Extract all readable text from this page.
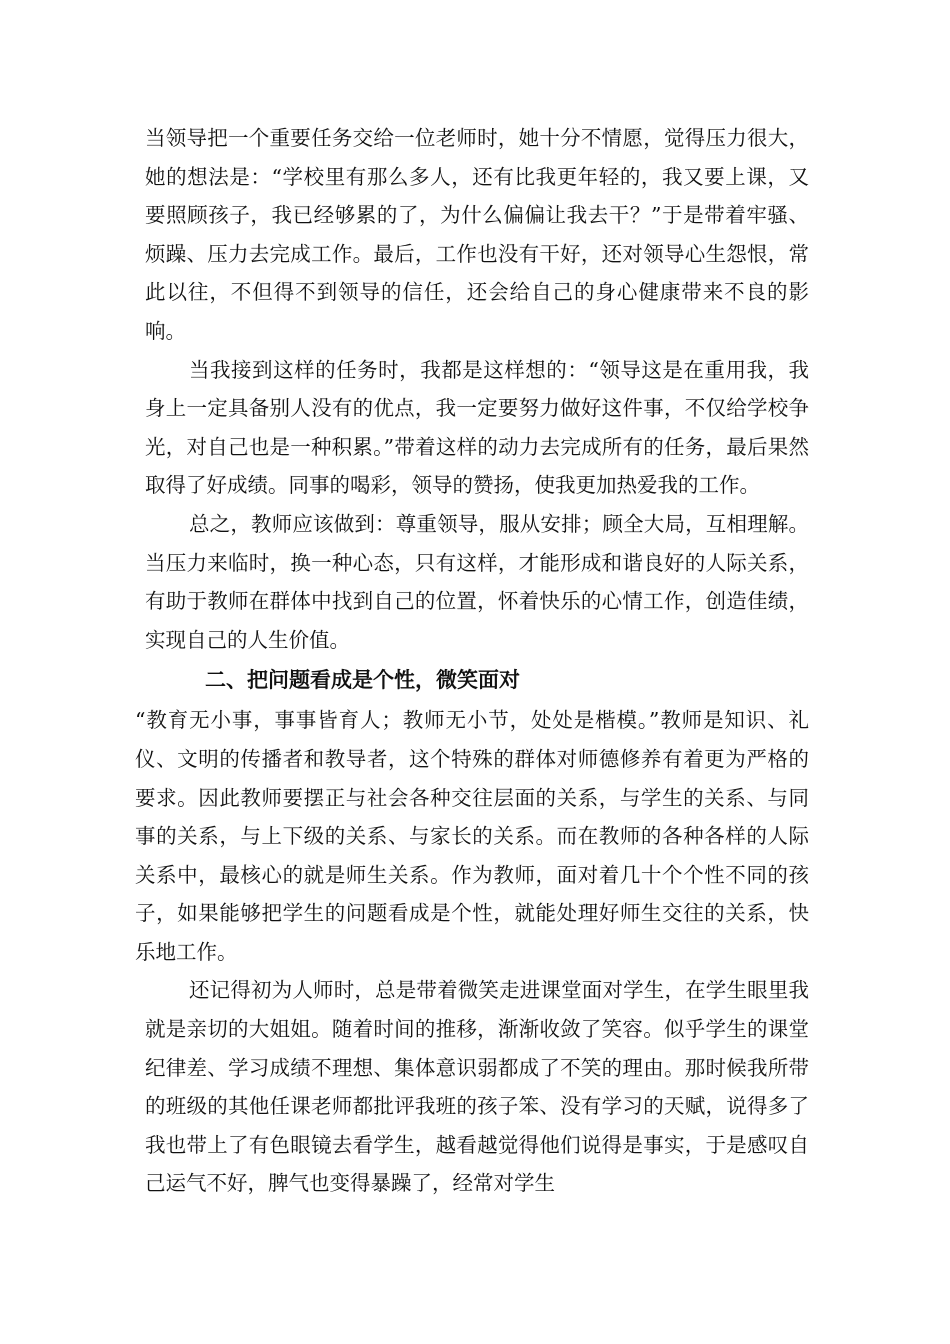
当领导把一个重要任务交给一位老师时，她十分不情愿，觉得压力很大，她的想法是：“学校里有那么多人，还有比我更年轻的，我又要上课，又要照顾孩子，我已经够累的了，为什么偏偏让我去干？”于是带着牢骚、烦躁、压力去完成工作。最后，工作也没有干好，还对领导心生怨恨，常此以往，不但得不到领导的信任，还会给自己的身心健康带来不良的影响。

当我接到这样的任务时，我都是这样想的：“领导这是在重用我，我身上一定具备别人没有的优点，我一定要努力做好这件事，不仅给学校争光，对自己也是一种积累。”带着这样的动力去完成所有的任务，最后果然取得了好成绩。同事的喝彩，领导的赞扬，使我更加热爱我的工作。

总之，教师应该做到：尊重领导，服从安排；顾全大局，互相理解。当压力来临时，换一种心态，只有这样，才能形成和谐良好的人际关系，有助于教师在群体中找到自己的位置，怀着快乐的心情工作，创造佳绩，实现自己的人生价值。

二、把问题看成是个性，微笑面对

“教育无小事，事事皆育人；教师无小节，处处是楷模。”教师是知识、礼仪、文明的传播者和教导者，这个特殊的群体对师德修养有着更为严格的要求。因此教师要摆正与社会各种交往层面的关系，与学生的关系、与同事的关系，与上下级的关系、与家长的关系。而在教师的各种各样的人际关系中，最核心的就是师生关系。作为教师，面对着几十个个性不同的孩子，如果能够把学生的问题看成是个性，就能处理好师生交往的关系，快乐地工作。

还记得初为人师时，总是带着微笑走进课堂面对学生，在学生眼里我就是亲切的大姐姐。随着时间的推移，渐渐收敛了笑容。似乎学生的课堂纪律差、学习成绩不理想、集体意识弱都成了不笑的理由。那时候我所带的班级的其他任课老师都批评我班的孩子笨、没有学习的天赋，说得多了我也带上了有色眼镜去看学生，越看越觉得他们说得是事实，于是感叹自己运气不好，脾气也变得暴躁了，经常对学生
